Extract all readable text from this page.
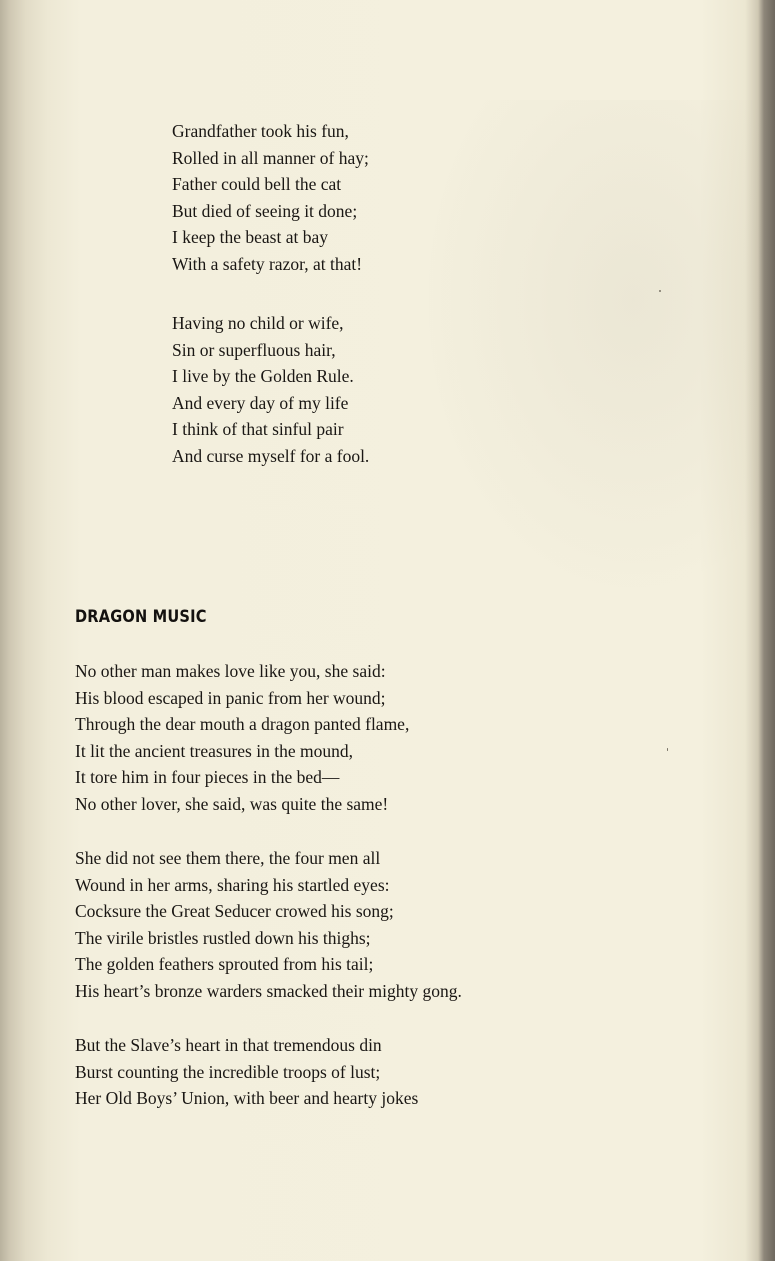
Grandfather took his fun,
Rolled in all manner of hay;
Father could bell the cat
But died of seeing it done;
I keep the beast at bay
With a safety razor, at that!
Having no child or wife,
Sin or superfluous hair,
I live by the Golden Rule.
And every day of my life
I think of that sinful pair
And curse myself for a fool.
DRAGON MUSIC
No other man makes love like you, she said:
His blood escaped in panic from her wound;
Through the dear mouth a dragon panted flame,
It lit the ancient treasures in the mound,
It tore him in four pieces in the bed—
No other lover, she said, was quite the same!
She did not see them there, the four men all
Wound in her arms, sharing his startled eyes:
Cocksure the Great Seducer crowed his song;
The virile bristles rustled down his thighs;
The golden feathers sprouted from his tail;
His heart’s bronze warders smacked their mighty gong.
But the Slave’s heart in that tremendous din
Burst counting the incredible troops of lust;
Her Old Boys’ Union, with beer and hearty jokes
